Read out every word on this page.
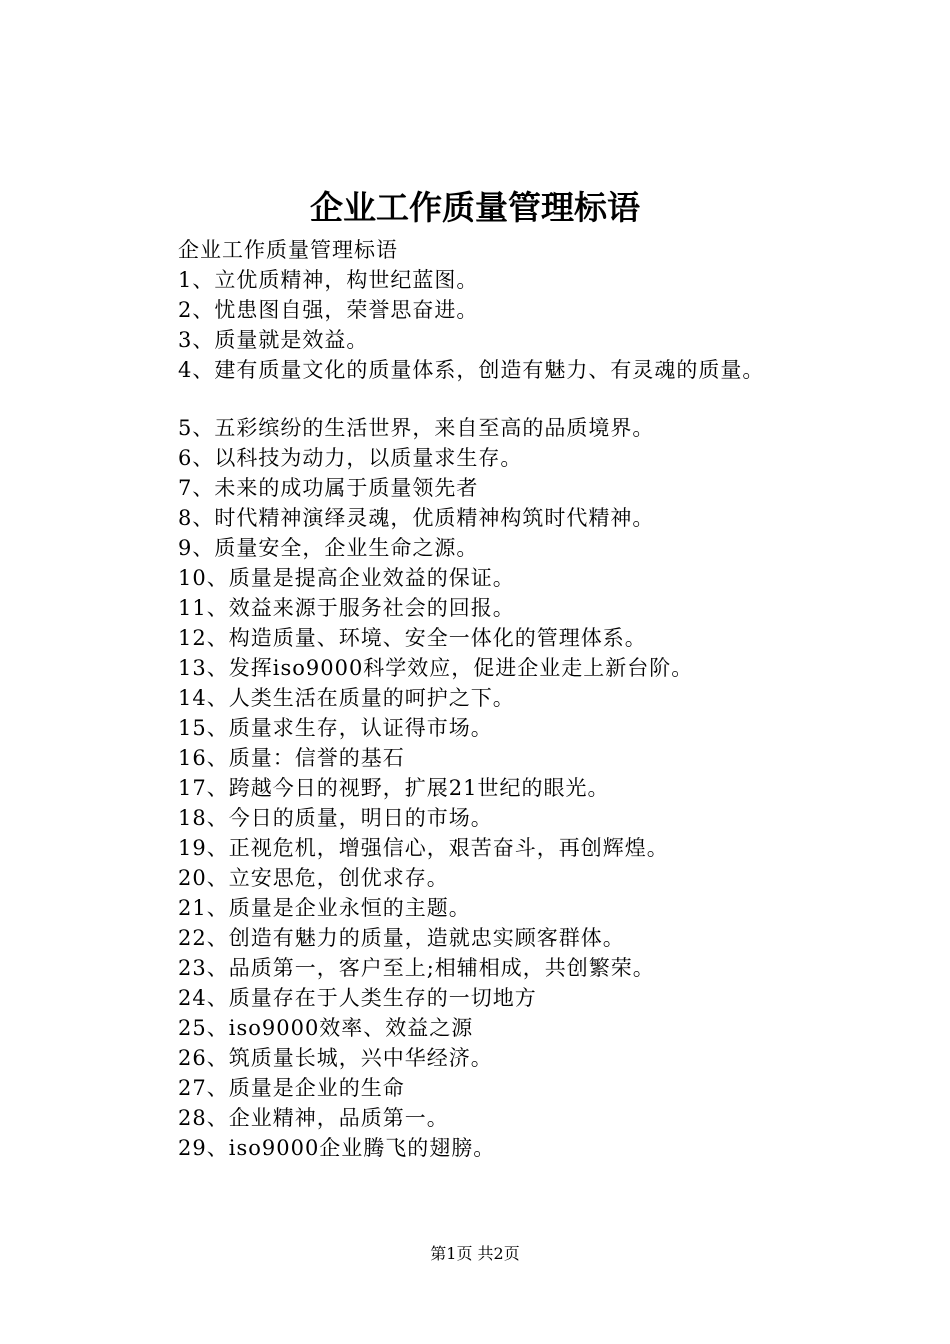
企业工作质量管理标语
企业工作质量管理标语
1、立优质精神，构世纪蓝图。
2、忧患图自强，荣誉思奋进。
3、质量就是效益。
4、建有质量文化的质量体系，创造有魅力、有灵魂的质量。
5、五彩缤纷的生活世界，来自至高的品质境界。
6、以科技为动力，以质量求生存。
7、未来的成功属于质量领先者
8、时代精神演绎灵魂，优质精神构筑时代精神。
9、质量安全，企业生命之源。
10、质量是提高企业效益的保证。
11、效益来源于服务社会的回报。
12、构造质量、环境、安全一体化的管理体系。
13、发挥iso9000科学效应，促进企业走上新台阶。
14、人类生活在质量的呵护之下。
15、质量求生存，认证得市场。
16、质量：信誉的基石
17、跨越今日的视野，扩展21世纪的眼光。
18、今日的质量，明日的市场。
19、正视危机，增强信心，艰苦奋斗，再创辉煌。
20、立安思危，创优求存。
21、质量是企业永恒的主题。
22、创造有魅力的质量，造就忠实顾客群体。
23、品质第一，客户至上;相辅相成，共创繁荣。
24、质量存在于人类生存的一切地方
25、iso9000效率、效益之源
26、筑质量长城，兴中华经济。
27、质量是企业的生命
28、企业精神，品质第一。
29、iso9000企业腾飞的翅膀。
第1页 共2页
